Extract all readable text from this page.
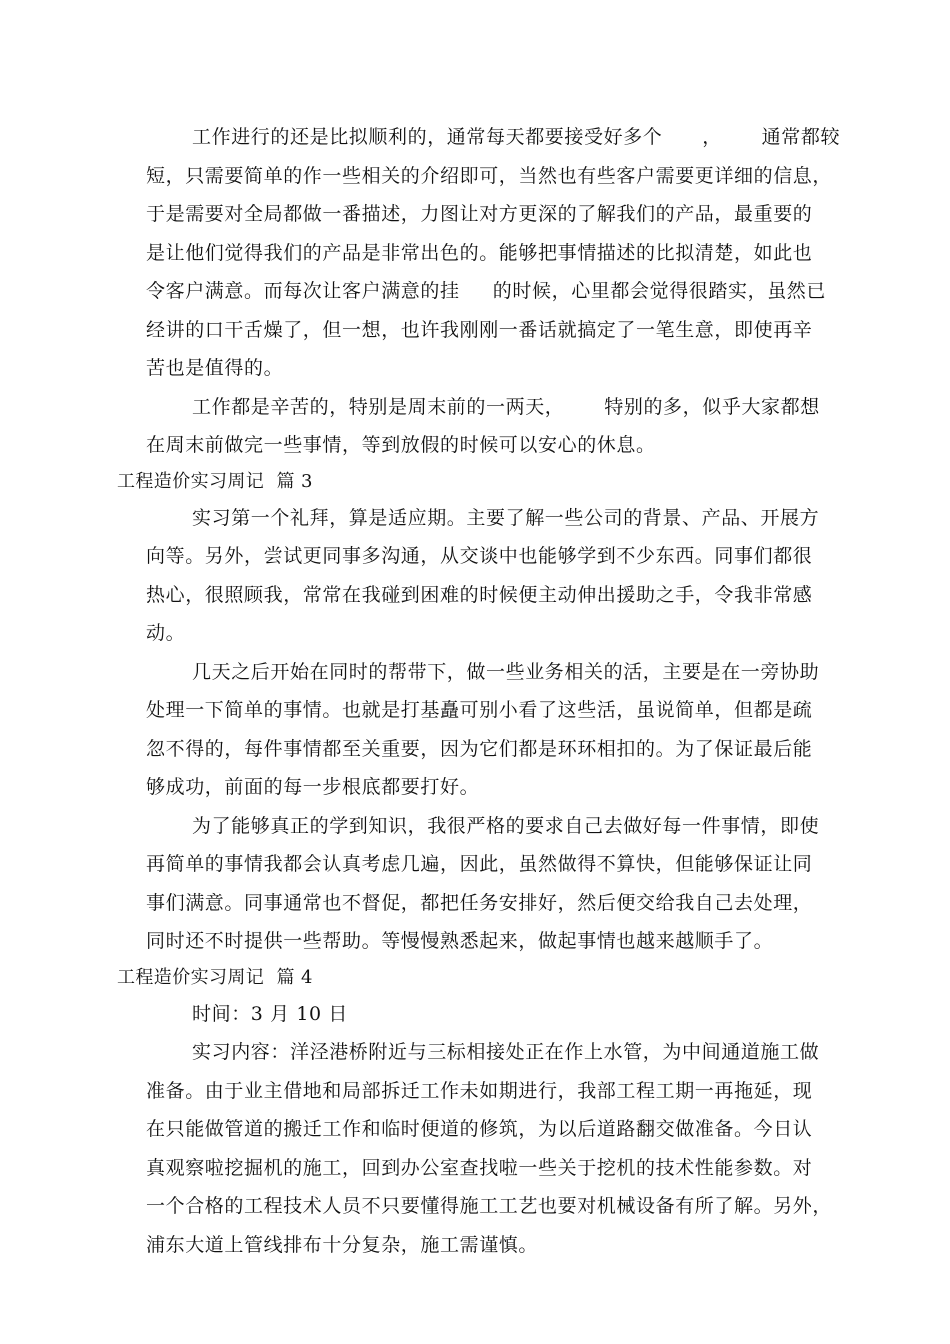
工作进行的还是比拟顺利的，通常每天都要接受好多个      ，      通常都较
短，只需要简单的作一些相关的介绍即可，当然也有些客户需要更详细的信息，
于是需要对全局都做一番描述，力图让对方更深的了解我们的产品，最重要的
是让他们觉得我们的产品是非常出色的。能够把事情描述的比拟清楚，如此也
令客户满意。而每次让客户满意的挂     的时候，心里都会觉得很踏实，虽然已
经讲的口干舌燥了，但一想，也许我刚刚一番话就搞定了一笔生意，即使再辛
苦也是值得的。
工作都是辛苦的，特别是周末前的一两天，      特别的多，似乎大家都想
在周末前做完一些事情，等到放假的时候可以安心的休息。
工程造价实习周记  篇 3
实习第一个礼拜，算是适应期。主要了解一些公司的背景、产品、开展方
向等。另外，尝试更同事多沟通，从交谈中也能够学到不少东西。同事们都很
热心，很照顾我，常常在我碰到困难的时候便主动伸出援助之手，令我非常感
动。
几天之后开始在同时的帮带下，做一些业务相关的活，主要是在一旁协助
处理一下简单的事情。也就是打基矗可别小看了这些活，虽说简单，但都是疏
忽不得的，每件事情都至关重要，因为它们都是环环相扣的。为了保证最后能
够成功，前面的每一步根底都要打好。
为了能够真正的学到知识，我很严格的要求自己去做好每一件事情，即使
再简单的事情我都会认真考虑几遍，因此，虽然做得不算快，但能够保证让同
事们满意。同事通常也不督促，都把任务安排好，然后便交给我自己去处理，
同时还不时提供一些帮助。等慢慢熟悉起来，做起事情也越来越顺手了。
工程造价实习周记  篇 4
时间：3 月 10 日
实习内容：洋泾港桥附近与三标相接处正在作上水管，为中间通道施工做
准备。由于业主借地和局部拆迁工作未如期进行，我部工程工期一再拖延，现
在只能做管道的搬迁工作和临时便道的修筑，为以后道路翻交做准备。今日认
真观察啦挖掘机的施工，回到办公室查找啦一些关于挖机的技术性能参数。对
一个合格的工程技术人员不只要懂得施工工艺也要对机械设备有所了解。另外，
浦东大道上管线排布十分复杂，施工需谨慎。
